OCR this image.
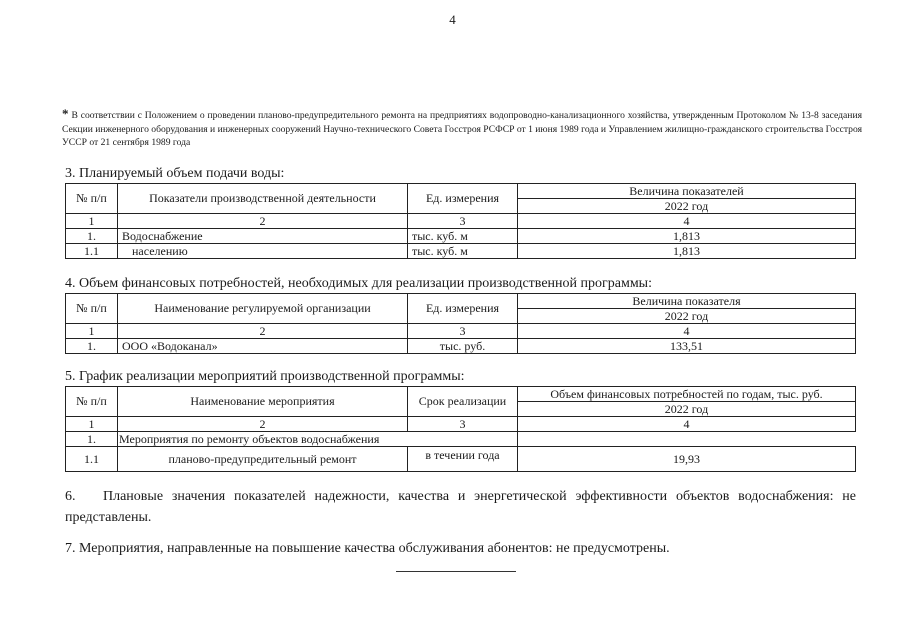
4
* В соответствии с Положением о проведении планово-предупредительного ремонта на предприятиях водопроводно-канализационного хозяйства, утвержденным Протоколом № 13-8 заседания Секции инженерного оборудования и инженерных сооружений Научно-технического Совета Госстроя РСФСР от 1 июня 1989 года и Управлением жилищно-гражданского строительства Госстроя УССР от 21 сентября 1989 года
3. Планируемый объем подачи воды:
№ п/п	Показатели производственной деятельности	Ед. измерения	Величина показателей
			2022 год
1	2	3	4
1.	Водоснабжение	тыс. куб. м	1,813
1.1	населению	тыс. куб. м	1,813
4. Объем финансовых потребностей, необходимых для реализации производственной программы:
№ п/п	Наименование регулируемой организации	Ед. измерения	Величина показателя
			2022 год
1	2	3	4
1.	ООО «Водоканал»	тыс. руб.	133,51
5. График реализации мероприятий производственной программы:
№ п/п	Наименование мероприятия	Срок реализации	Объем финансовых потребностей по годам, тыс. руб.
			2022 год
1	2	3	4
1.	Мероприятия по ремонту объектов водоснабжения		
1.1	планово-предупредительный ремонт	в течении года	19,93
6. Плановые значения показателей надежности, качества и энергетической эффективности объектов водоснабжения: не представлены.
7. Мероприятия, направленные на повышение качества обслуживания абонентов: не предусмотрены.
